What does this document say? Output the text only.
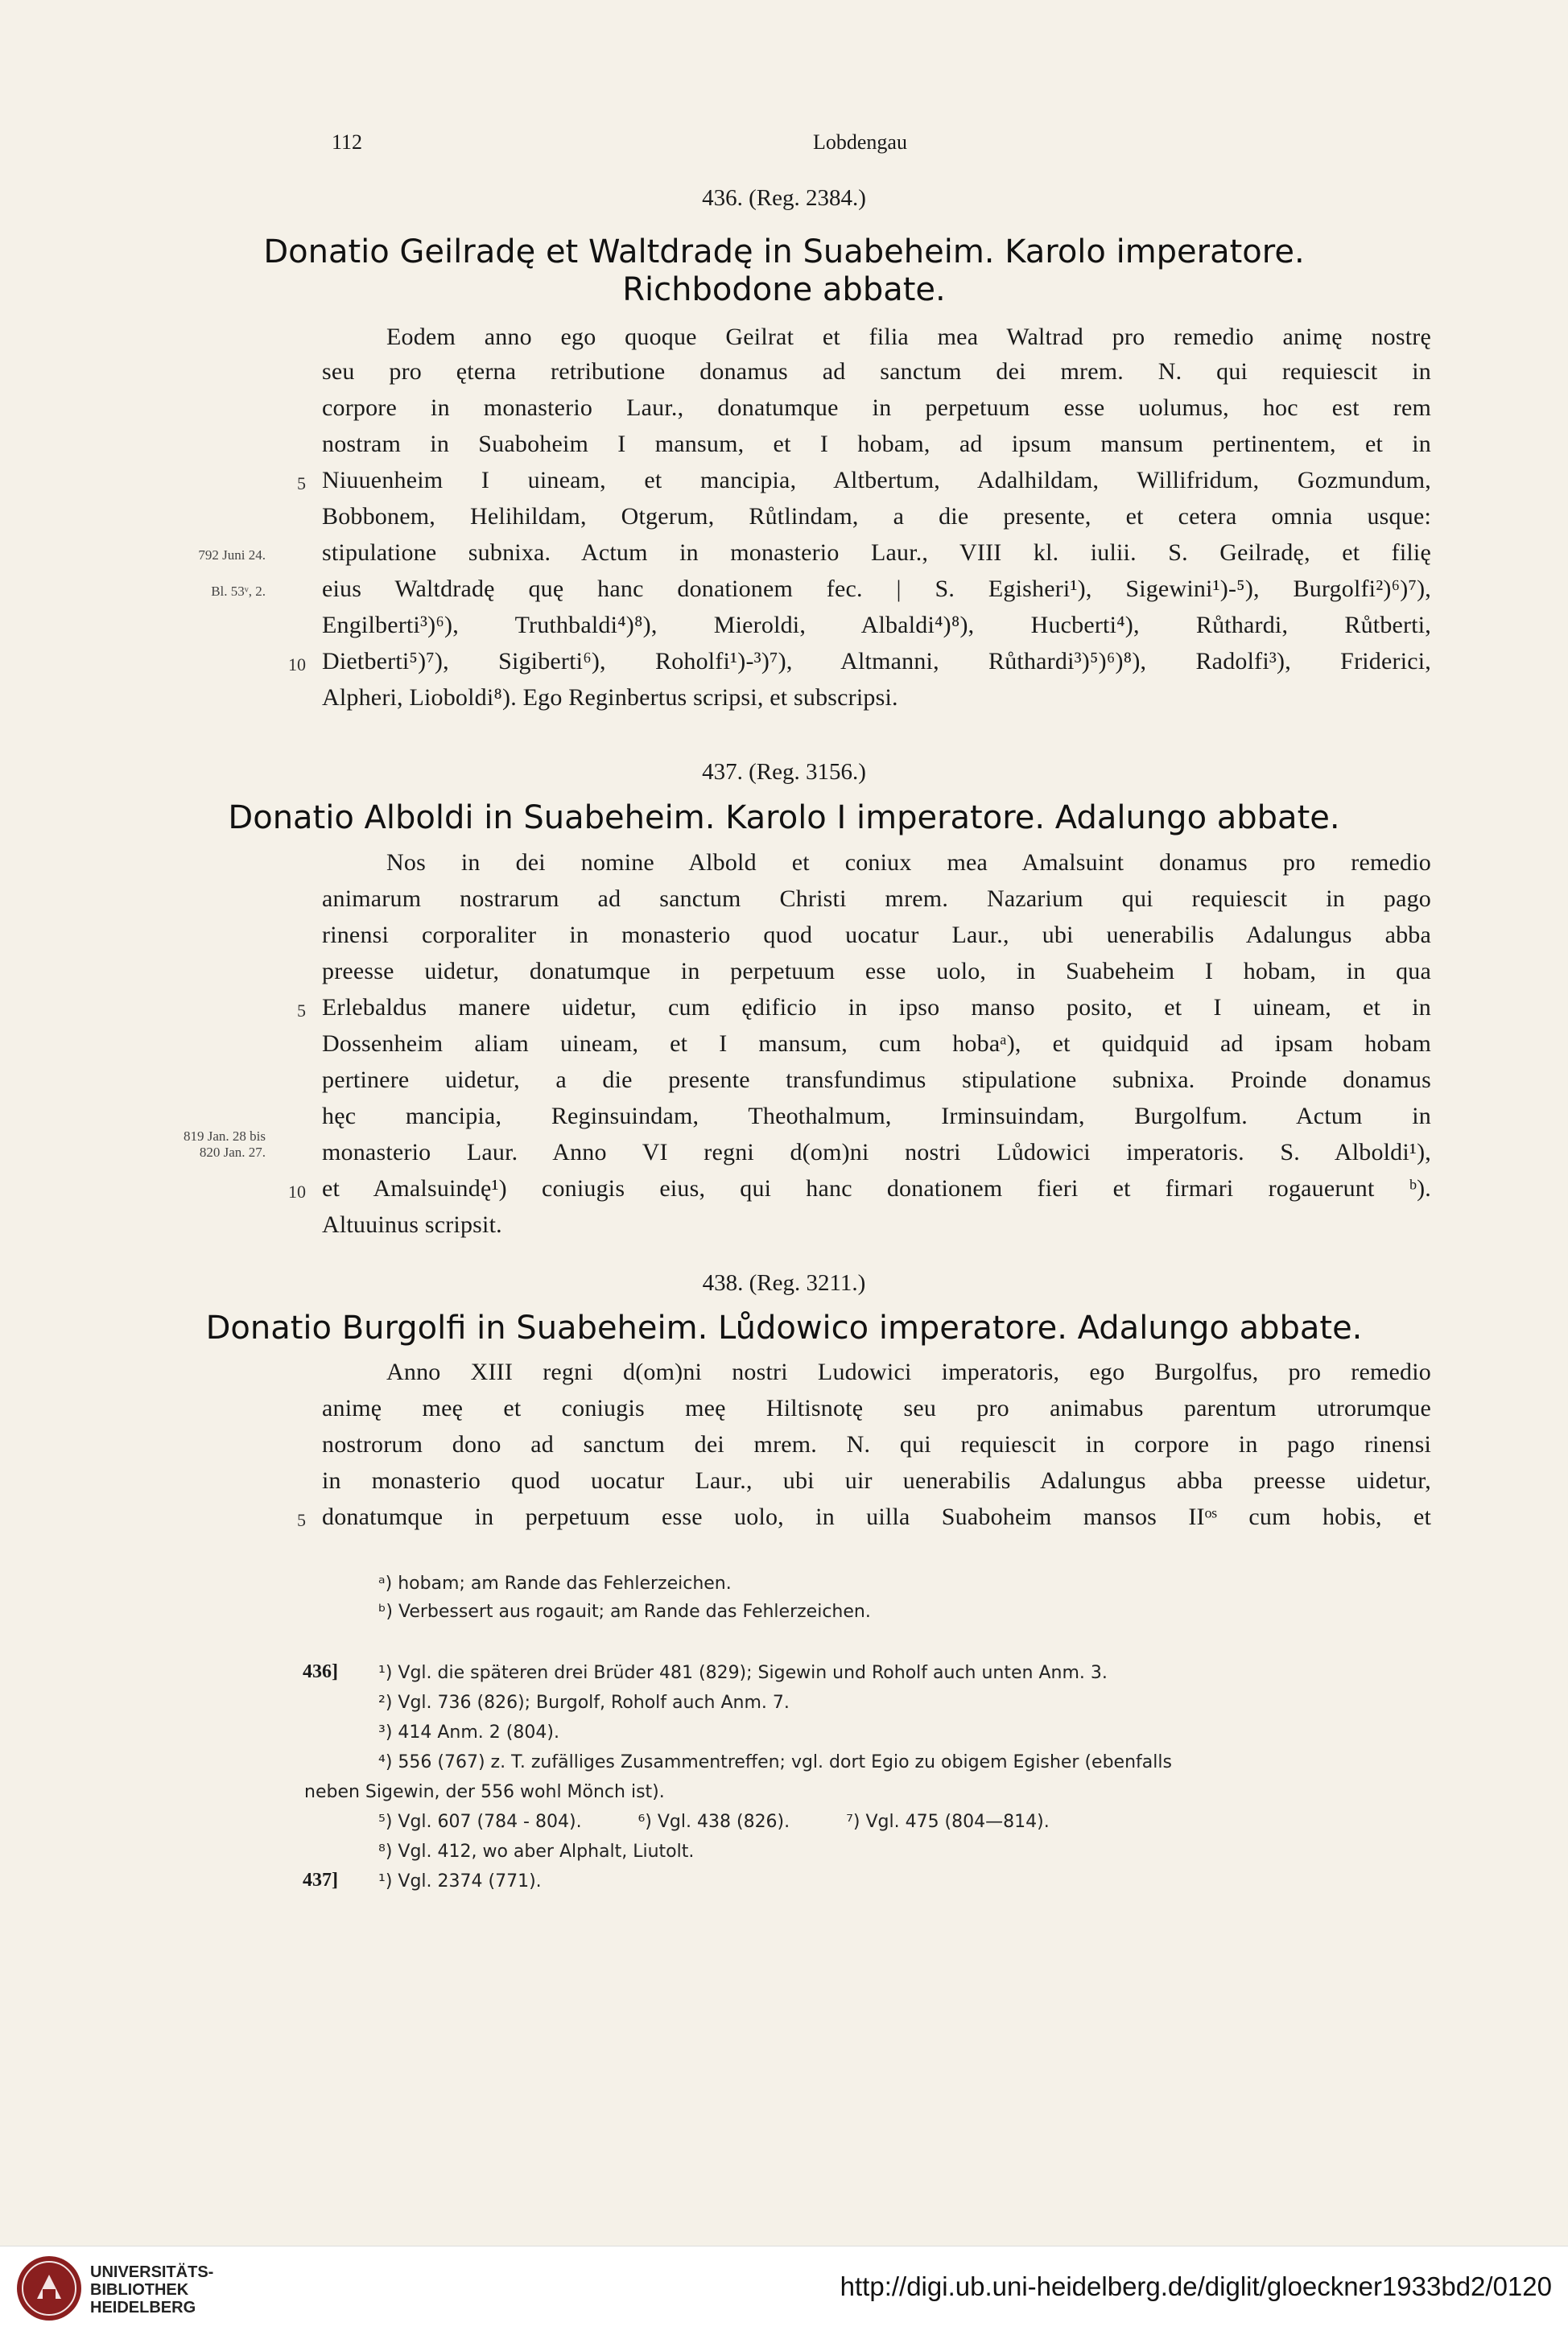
112	Lobdengau
436. (Reg. 2384.)
Donatio Geilradę et Waltdradę in Suabeheim. Karolo imperatore.
Richbodone abbate.
Eodem anno ego quoque Geilrat et filia mea Waltrad pro remedio animę nostrę
seu pro ęterna retributione donamus ad sanctum dei mrem. N. qui requiescit in
corpore in monasterio Laur., donatumque in perpetuum esse uolumus, hoc est rem
nostram in Suaboheim I mansum, et I hobam, ad ipsum mansum pertinentem, et in
Niuuenheim I uineam, et mancipia, Altbertum, Adalhildam, Willifridum, Gozmundum,
Bobbonem, Helihildam, Otgerum, Růtlindam, a die presente, et cetera omnia usque:
stipulatione subnixa. Actum in monasterio Laur., VIII kl. iulii. S. Geilradę, et filię
eius Waltdradę quę hanc donationem fec. | S. Egisheri¹), Sigewini¹)-⁵), Burgolfi²)⁶)⁷),
Engilberti³)⁶), Truthbaldi⁴)⁸), Mieroldi, Albaldi⁴)⁸), Hucberti⁴), Růthardi, Růtberti,
Dietberti⁵)⁷), Sigiberti⁶), Roholfi¹)-³)⁷), Altmanni, Růthardi³)⁵)⁶)⁸), Radolfi³), Friderici,
Alpheri, Lioboldi⁸). Ego Reginbertus scripsi, et subscripsi.
5
10
792 Juni 24.
Bl. 53ᵛ, 2.
437. (Reg. 3156.)
Donatio Alboldi in Suabeheim. Karolo I imperatore. Adalungo abbate.
Nos in dei nomine Albold et coniux mea Amalsuint donamus pro remedio
animarum nostrarum ad sanctum Christi mrem. Nazarium qui requiescit in pago
rinensi corporaliter in monasterio quod uocatur Laur., ubi uenerabilis Adalungus abba
preesse uidetur, donatumque in perpetuum esse uolo, in Suabeheim I hobam, in qua
Erlebaldus manere uidetur, cum ędificio in ipso manso posito, et I uineam, et in
Dossenheim aliam uineam, et I mansum, cum hobaᵃ), et quidquid ad ipsam hobam
pertinere uidetur, a die presente transfundimus stipulatione subnixa. Proinde donamus
hęc mancipia, Reginsuindam, Theothalmum, Irminsuindam, Burgolfum. Actum in
monasterio Laur. Anno VI regni d(om)ni nostri Lůdowici imperatoris. S. Alboldi¹),
et Amalsuindę¹) coniugis eius, qui hanc donationem fieri et firmari rogauerunt ᵇ).
Altuuinus scripsit.
5
10
819 Jan. 28 bis
820 Jan. 27.
438. (Reg. 3211.)
Donatio Burgolfi in Suabeheim. Lůdowico imperatore. Adalungo abbate.
Anno XIII regni d(om)ni nostri Ludowici imperatoris, ego Burgolfus, pro remedio
animę meę et coniugis meę Hiltisnotę seu pro animabus parentum utrorumque
nostrorum dono ad sanctum dei mrem. N. qui requiescit in corpore in pago rinensi
in monasterio quod uocatur Laur., ubi uir uenerabilis Adalungus abba preesse uidetur,
donatumque in perpetuum esse uolo, in uilla Suaboheim mansos IIᵒˢ cum hobis, et
5
ᵃ) hobam; am Rande das Fehlerzeichen.
ᵇ) Verbessert aus rogauit; am Rande das Fehlerzeichen.
436] ¹) Vgl. die späteren drei Brüder 481 (829); Sigewin und Roholf auch unten Anm. 3.
²) Vgl. 736 (826); Burgolf, Roholf auch Anm. 7.
³) 414 Anm. 2 (804).
⁴) 556 (767) z. T. zufälliges Zusammentreffen; vgl. dort Egio zu obigem Egisher (ebenfalls
neben Sigewin, der 556 wohl Mönch ist).
⁵) Vgl. 607 (784 - 804).          ⁶) Vgl. 438 (826).          ⁷) Vgl. 475 (804—814).
⁸) Vgl. 412, wo aber Alphalt, Liutolt.
437] ¹) Vgl. 2374 (771).
UNIVERSITÄTS-
BIBLIOTHEK
HEIDELBERG
http://digi.ub.uni-heidelberg.de/diglit/gloeckner1933bd2/0120
